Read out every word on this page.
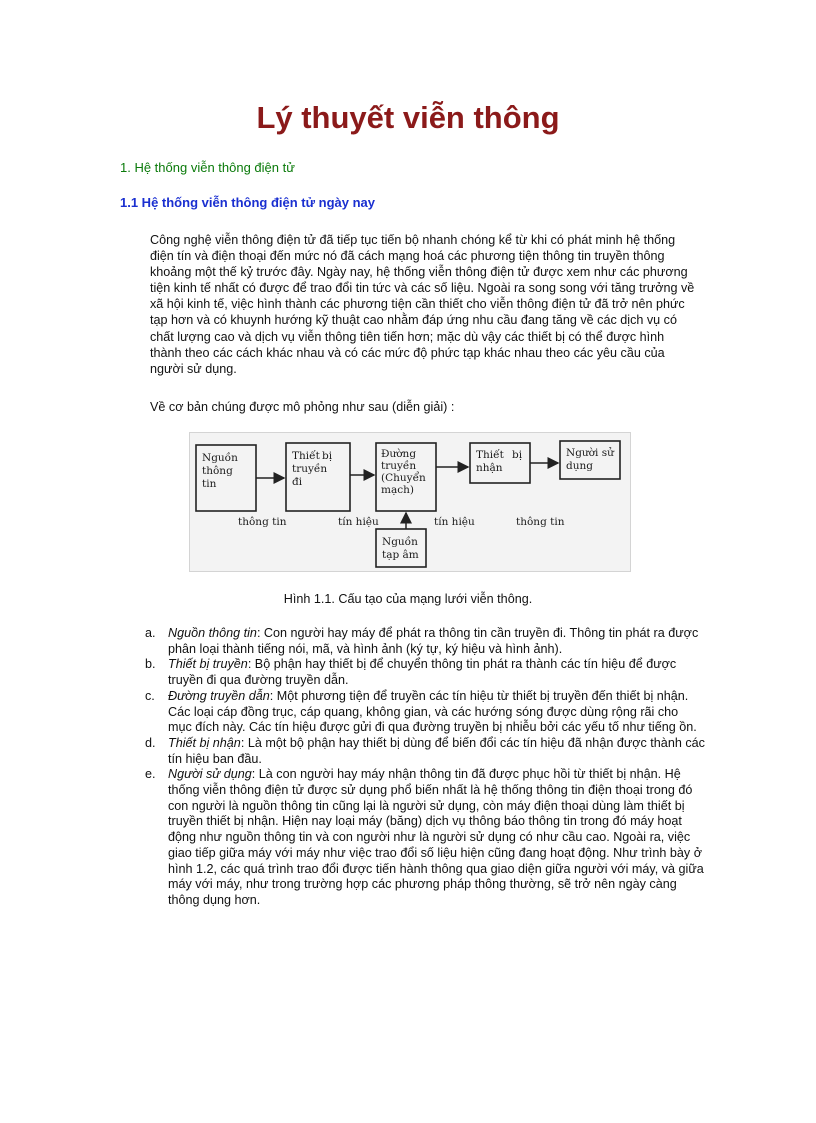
Lý thuyết viễn thông
1. Hệ thống viễn thông điện tử
1.1 Hệ thống viễn thông điện tử ngày nay

Công nghệ viễn thông điện tử đã tiếp tục tiến bộ nhanh chóng kể từ khi có phát minh hệ thống điện tín và điện thoại đến mức nó đã cách mạng hoá các phương tiện thông tin truyền thông khoảng một thế kỷ trước đây. Ngày nay, hệ thống viễn thông điện tử được xem như các phương tiện kinh tế nhất có được để trao đổi tin tức và các số liệu. Ngoài ra song song với tăng trưởng về xã hội kinh tế, việc hình thành các phương tiện cần thiết cho viễn thông điện tử đã trở nên phức tạp hơn và có khuynh hướng kỹ thuật cao nhằm đáp ứng nhu cầu đang tăng về các dịch vụ có chất lượng cao và dịch vụ viễn thông tiên tiến hơn; mặc dù vậy các thiết bị có thể được hình thành theo các cách khác nhau và có các mức độ phức tạp khác nhau theo các yêu cầu của người sử dụng.

Về cơ bản chúng được mô phỏng như sau (diễn giải) :

Nguồn thông tin
Thiết bị truyền đi
Đường truyền (Chuyển mạch)
Thiết bị nhận
Người sử dụng
Nguồn tạp âm
thông tin	tín hiệu	tín hiệu	thông tin
Hình 1.1. Cấu tạo của mạng lưới viễn thông.
a. Nguồn thông tin: Con người hay máy để phát ra thông tin cần truyền đi. Thông tin phát ra được phân loại thành tiếng nói, mã, và hình ảnh (ký tự, ký hiệu và hình ảnh).
b. Thiết bị truyền: Bộ phận hay thiết bị để chuyển thông tin phát ra thành các tín hiệu để được truyền đi qua đường truyền dẫn.
c. Đường truyền dẫn: Một phương tiện để truyền các tín hiệu từ thiết bị truyền đến thiết bị nhận. Các loại cáp đồng trục, cáp quang, không gian, và các hướng sóng được dùng rộng rãi cho mục đích này. Các tín hiệu được gửi đi qua đường truyền bị nhiễu bởi các yếu tố như tiếng ồn.
d. Thiết bị nhận: Là một bộ phận hay thiết bị dùng để biến đổi các tín hiệu đã nhận được thành các tín hiệu ban đầu.
e. Người sử dụng: Là con người hay máy nhận thông tin đã được phục hồi từ thiết bị nhận. Hệ thống viễn thông điện tử được sử dụng phổ biến nhất là hệ thống thông tin điện thoại trong đó con người là nguồn thông tin cũng lại là người sử dụng, còn máy điện thoại dùng làm thiết bị truyền thiết bị nhận. Hiện nay loại máy (băng) dịch vụ thông báo thông tin trong đó máy hoạt động như nguồn thông tin và con người như là người sử dụng có như cầu cao. Ngoài ra, việc giao tiếp giữa máy với máy như việc trao đổi số liệu hiện cũng đang hoạt động. Như trình bày ở hình 1.2, các quá trình trao đổi được tiến hành thông qua giao diện giữa người với máy, và giữa máy với máy, như trong trường hợp các phương pháp thông thường, sẽ trở nên ngày càng thông dụng hơn.
